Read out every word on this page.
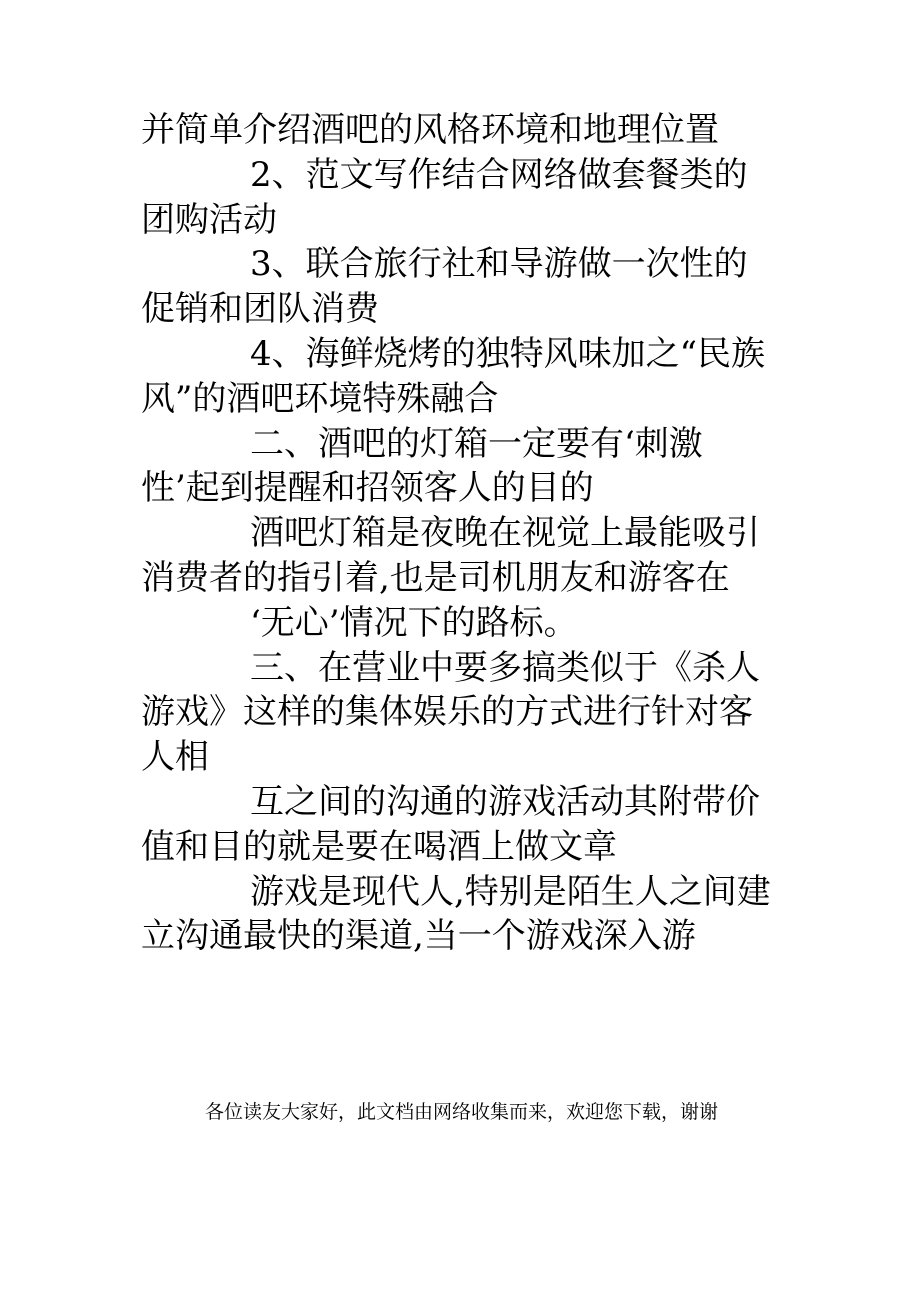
并简单介绍酒吧的风格环境和地理位置

2、范文写作结合网络做套餐类的团购活动

3、联合旅行社和导游做一次性的促销和团队消费

4、海鲜烧烤的独特风味加之“民族风”的酒吧环境特殊融合

二、酒吧的灯箱一定要有‘刺激性’起到提醒和招领客人的目的

酒吧灯箱是夜晚在视觉上最能吸引消费者的指引着,也是司机朋友和游客在

‘无心’情况下的路标。

三、在营业中要多搞类似于《杀人游戏》这样的集体娱乐的方式进行针对客人相

互之间的沟通的游戏活动其附带价值和目的就是要在喝酒上做文章

游戏是现代人,特别是陌生人之间建立沟通最快的渠道,当一个游戏深入游

各位读友大家好，此文档由网络收集而来，欢迎您下载，谢谢
